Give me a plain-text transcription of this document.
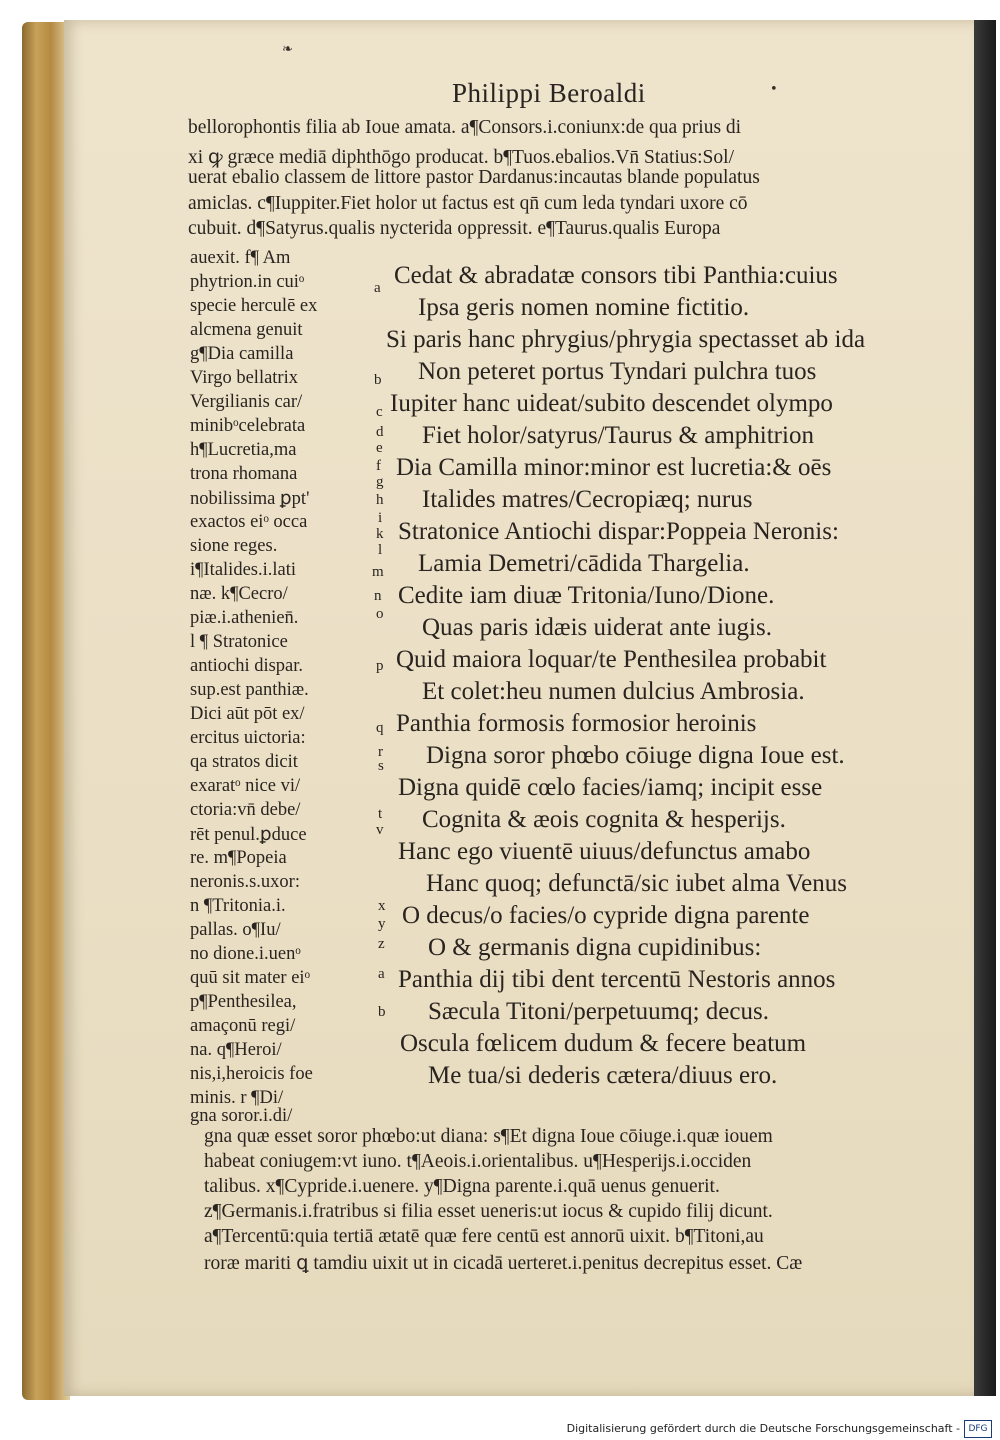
❧
•
Philippi Beroaldi
bellorophontis filia ab Ioue amata. a¶Consors.i.coniunx:de qua prius di
xi ꝙ græce mediā diphthōgo producat. b¶Tuos.ebalios.Vn̄ Statius:Sol/
uerat ebalio classem de littore pastor Dardanus:incautas blande populatus
amiclas. c¶Iuppiter.Fiet holor ut factus est qn̄ cum leda tyndari uxore cōᷓ
cubuit. d¶Satyrus.qualis nycterida oppressit. e¶Taurus.qualis Europa
auexit. f¶ Am
phytrion.in cuiᵒ
specie herculē ex
alcmena genuit
g¶Dia camilla
Virgo bellatrix
Vergilianis car/
minibᵒcelebrata
h¶Lucretia,ma
trona rhomana
nobilissima ꝑpt'
exactos eiᵒ occa
sione reges.
i¶Italides.i.lati
næ. k¶Cecro/
piæ.i.athenien̄.
l ¶ Stratonice
antiochi dispar.
sup.est panthiæ.
Dici aūt pōt ex/
ercitus uictoria:
qa stratos dicit
exaratᵒ nice vi/
ctoria:vn̄ debe/
rēt penul.ꝑduce
re. m¶Popeia
neronis.s.uxor:
n ¶Tritonia.i.
pallas. o¶Iu/
no dione.i.uenᵒ
quū sit mater eiᵒ
p¶Penthesilea,
amaçonū regi/
na. q¶Heroi/
nis,i,heroicis foe
minis. r ¶Di/
gna soror.i.di/
a
b
c
d
e
f
g
h
i
k
l
m
n
o
p
q
r
s
t
v
x
y
z
a
b
Cedat & abradatæ consors tibi Panthia:cuius
Ipsa geris nomen nomine fictitio.
Si paris hanc phrygius/phrygia spectasset ab ida
Non peteret portus Tyndari pulchra tuos
Iupiter hanc uideat/subito descendet olympo
Fiet holor/satyrus/Taurus & amphitrion
Dia Camilla minor:minor est lucretia:& oēs
Italides matres/Cecropiæq; nurus
Stratonice Antiochi dispar:Poppeia Neronis:
Lamia Demetri/cādida Thargelia.
Cedite iam diuæ Tritonia/Iuno/Dione.
Quas paris idæis uiderat ante iugis.
Quid maiora loquar/te Penthesilea probabit
Et colet:heu numen dulcius Ambrosia.
Panthia formosis formosior heroinis
Digna soror phœbo cōiuge digna Ioue est.
Digna quidē cœlo facies/iamq; incipit esse
Cognita & æois cognita & hesperijs.
Hanc ego viuentē uiuus/defunctus amabo
Hanc quoq; defunctā/sic iubet alma Venus
O decus/o facies/o cypride digna parente
O & germanis digna cupidinibus:
Panthia dij tibi dent tercentū Nestoris annos
Sæcula Titoni/perpetuumq; decus.
Oscula fœlicem dudum & fecere beatum
Me tua/si dederis cætera/diuus ero.
gna quæ esset soror phœbo:ut diana: s¶Et digna Ioue cōiuge.i.quæ iouem
habeat coniugem:vt iuno. t¶Aeois.i.orientalibus. u¶Hesperijs.i.occiden
talibus. x¶Cypride.i.uenere. y¶Digna parente.i.quā uenus genuerit.
z¶Germanis.i.fratribus si filia esset ueneris:ut iocus & cupido filij dicunt.
a¶Tercentū:quia tertiā ætatē quæ fere centū est annorū uixit. b¶Titoni,au
roræ mariti ꝗ tamdiu uixit ut in cicadā uerteret.i.penitus decrepitus esset. Cæ
Digitalisierung gefördert durch die Deutsche Forschungsgemeinschaft - DFG
